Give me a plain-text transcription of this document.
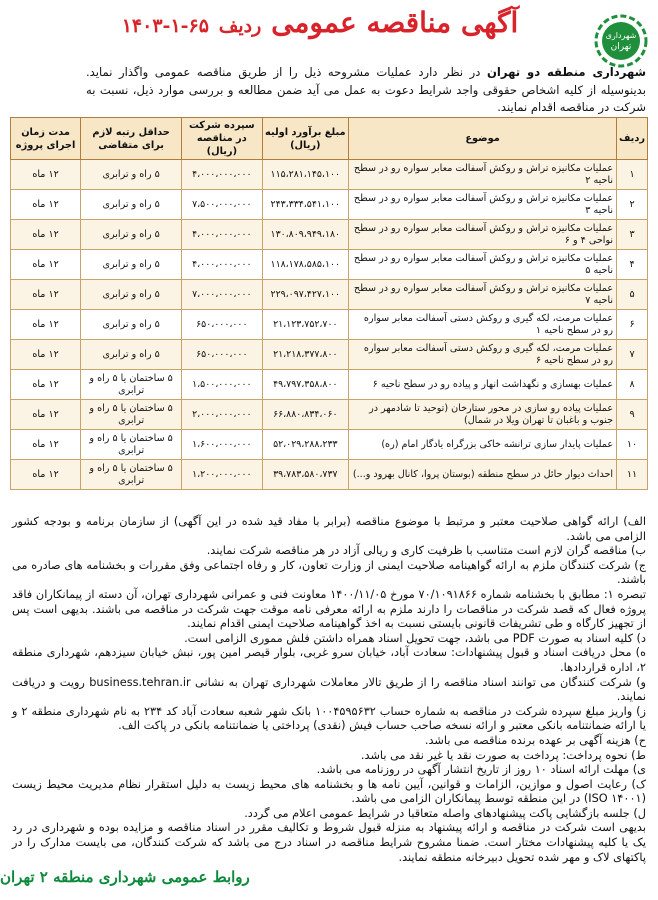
شهرداری
تهران
آگهی مناقصه عمومی ردیف ۶۵-۱-۱۴۰۳
شهرداری منطقه دو تهران در نظر دارد عملیات مشروحه ذیل را از طریق مناقصه عمومی واگذار نماید. بدینوسیله از کلیه اشخاص حقوقی واجد شرایط دعوت به عمل می آید ضمن مطالعه و بررسی موارد ذیل، نسبت به شرکت در مناقصه اقدام نمایند.
ردیف	موضوع	مبلغ برآورد اولیه (ریال)	سپرده شرکت در مناقصه (ریال)	حداقل رتبه لازم برای متقاضی	مدت زمان اجرای پروژه
۱	عملیات مکانیزه تراش و روکش آسفالت معابر سواره رو در سطح ناحیه ۲	۱۱۵،۲۸۱،۱۴۵،۱۰۰	۴،۰۰۰،۰۰۰،۰۰۰	۵ راه و ترابری	۱۲ ماه
۲	عملیات مکانیزه تراش و روکش آسفالت معابر سواره رو در سطح ناحیه ۳	۲۴۳،۳۳۴،۵۴۱،۱۰۰	۷،۵۰۰،۰۰۰،۰۰۰	۵ راه و ترابری	۱۲ ماه
۳	عملیات مکانیزه تراش و روکش آسفالت معابر سواره رو در سطح نواحی ۴ و ۶	۱۳۰،۸۰۹،۹۴۹،۱۸۰	۴،۰۰۰،۰۰۰،۰۰۰	۵ راه و ترابری	۱۲ ماه
۴	عملیات مکانیزه تراش و روکش آسفالت معابر سواره رو در سطح ناحیه ۵	۱۱۸،۱۷۸،۵۸۵،۱۰۰	۴،۰۰۰،۰۰۰،۰۰۰	۵ راه و ترابری	۱۲ ماه
۵	عملیات مکانیزه تراش و روکش آسفالت معابر سواره رو در سطح ناحیه ۷	۲۲۹،۰۹۷،۴۲۷،۱۰۰	۷،۰۰۰،۰۰۰،۰۰۰	۵ راه و ترابری	۱۲ ماه
۶	عملیات مرمت، لکه گیری و روکش دستی آسفالت معابر سواره رو در سطح ناحیه ۱	۲۱،۱۲۳،۷۵۲،۷۰۰	۶۵۰،۰۰۰،۰۰۰	۵ راه و ترابری	۱۲ ماه
۷	عملیات مرمت، لکه گیری و روکش دستی آسفالت معابر سواره رو در سطح ناحیه ۶	۲۱،۲۱۸،۳۷۷،۸۰۰	۶۵۰،۰۰۰،۰۰۰	۵ راه و ترابری	۱۲ ماه
۸	عملیات بهسازی و نگهداشت انهار و پیاده رو در سطح ناحیه ۶	۴۹،۷۹۷،۳۵۸،۸۰۰	۱،۵۰۰،۰۰۰،۰۰۰	۵ ساختمان یا ۵ راه و ترابری	۱۲ ماه
۹	عملیات پیاده رو سازی در محور ستارخان (توحید تا شادمهر در جنوب و باغبان تا تهران ویلا در شمال)	۶۶،۸۸۰،۸۳۴،۰۶۰	۲،۰۰۰،۰۰۰،۰۰۰	۵ ساختمان یا ۵ راه و ترابری	۱۲ ماه
۱۰	عملیات پایدار سازی ترانشه خاکی بزرگراه یادگار امام (ره)	۵۲،۰۲۹،۲۸۸،۲۳۳	۱،۶۰۰،۰۰۰،۰۰۰	۵ ساختمان یا ۵ راه و ترابری	۱۲ ماه
۱۱	احداث دیوار حائل در سطح منطقه (بوستان پروا، کانال بهرود و...)	۳۹،۷۸۳،۵۸۰،۷۳۷	۱،۲۰۰،۰۰۰،۰۰۰	۵ ساختمان یا ۵ راه و ترابری	۱۲ ماه

الف) ارائه گواهی صلاحیت معتبر و مرتبط با موضوع مناقصه (برابر با مفاد قید شده در این آگهی) از سازمان برنامه و بودجه کشور الزامی می باشد.

ب) مناقصه گران لازم است متناسب با ظرفیت کاری و ریالی آزاد در هر مناقصه شرکت نمایند.

ج) شرکت کنندگان ملزم به ارائه گواهینامه صلاحیت ایمنی از وزارت تعاون، کار و رفاه اجتماعی وفق مقررات و بخشنامه های صادره می باشند.

تبصره ۱: مطابق با بخشنامه شماره ۷۰/۱۰۹۱۸۶۶ مورخ ۱۴۰۰/۱۱/۰۵ معاونت فنی و عمرانی شهرداری تهران، آن دسته از پیمانکاران فاقد پروژه فعال که قصد شرکت در مناقصات را دارند ملزم به ارائه معرفی نامه موقت جهت شرکت در مناقصه می باشند. بدیهی است پس از تجهیز کارگاه و طی تشریفات قانونی بایستی نسبت به اخذ گواهینامه صلاحیت ایمنی اقدام نمایند.

د) کلیه اسناد به صورت PDF می باشد، جهت تحویل اسناد همراه داشتن فلش مموری الزامی است.

ه) محل دریافت اسناد و قبول پیشنهادات: سعادت آباد، خیابان سرو غربی، بلوار قیصر امین پور، نبش خیابان سیزدهم، شهرداری منطقه ۲، اداره قراردادها.

و) شرکت کنندگان می توانند اسناد مناقصه را از طریق تالار معاملات شهرداری تهران به نشانی business.tehran.ir رویت و دریافت نمایند.

ز) واریز مبلغ سپرده شرکت در مناقصه به شماره حساب ۱۰۰۴۵۹۵۶۳۲ بانک شهر شعبه سعادت آباد کد ۲۳۴ به نام شهرداری منطقه ۲ و یا ارائه ضمانتنامه بانکی معتبر و ارائه نسخه صاحب حساب فیش (نقدی) پرداختی یا ضمانتنامه بانکی در پاکت الف.

ح) هزینه آگهی بر عهده برنده مناقصه می باشد.

ط) نحوه پرداخت: پرداخت به صورت نقد یا غیر نقد می باشد.

ی) مهلت ارائه اسناد ۱۰ روز از تاریخ انتشار آگهی در روزنامه می باشد.

ک) رعایت اصول و موازین، الزامات و قوانین، آیین نامه ها و بخشنامه های محیط زیست به دلیل استقرار نظام مدیریت محیط زیست (ISO ۱۴۰۰۱) در این منطقه توسط پیمانکاران الزامی می باشد.

ل) جلسه بازگشایی پاکت پیشنهادهای واصله متعاقبا در شرایط عمومی اعلام می گردد.

بدیهی است شرکت در مناقصه و ارائه پیشنهاد به منزله قبول شروط و تکالیف مقرر در اسناد مناقصه و مزایده بوده و شهرداری در رد یک یا کلیه پیشنهادات مختار است. ضمنا مشروح شرایط مناقصه در اسناد درج می باشد که شرکت کنندگان، می بایست مدارک را در پاکتهای لاک و مهر شده تحویل دبیرخانه منطقه نمایند.

روابط عمومی شهرداری منطقه ۲ تهران
